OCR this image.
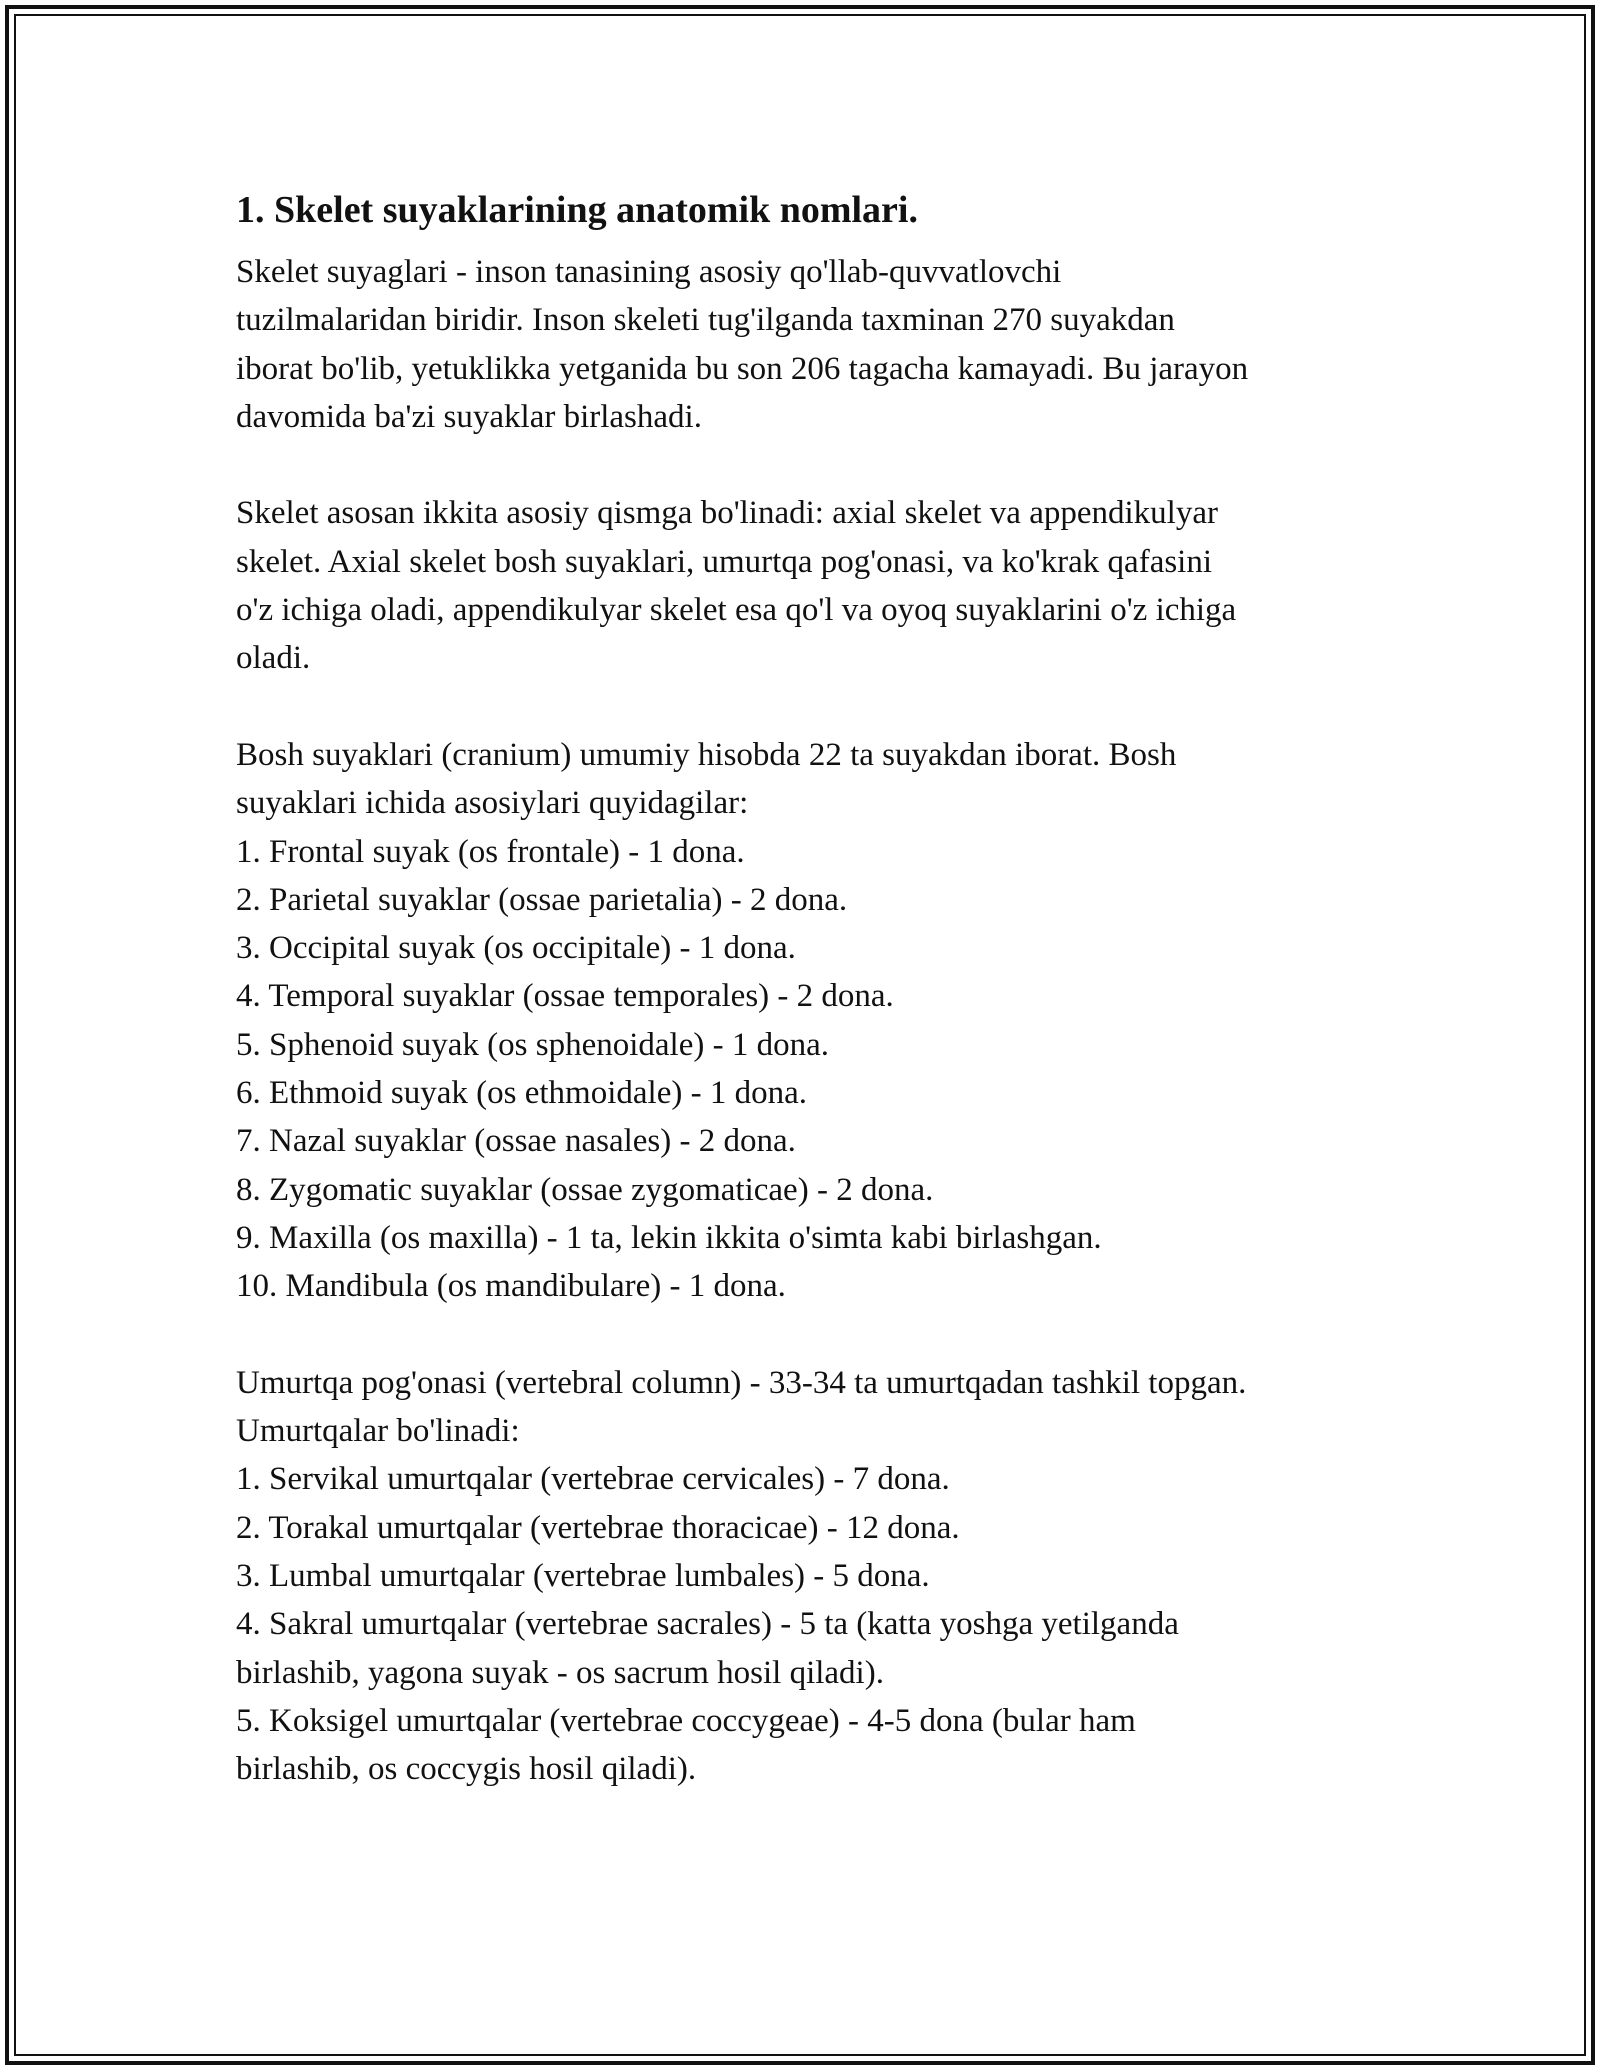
1. Skelet suyaklarining anatomik nomlari.

Skelet suyaglari - inson tanasining asosiy qo'llab-quvvatlovchi

tuzilmalaridan biridir. Inson skeleti tug'ilganda taxminan 270 suyakdan

iborat bo'lib, yetuklikka yetganida bu son 206 tagacha kamayadi. Bu jarayon

davomida ba'zi suyaklar birlashadi.

Skelet asosan ikkita asosiy qismga bo'linadi: axial skelet va appendikulyar

skelet. Axial skelet bosh suyaklari, umurtqa pog'onasi, va ko'krak qafasini

o'z ichiga oladi, appendikulyar skelet esa qo'l va oyoq suyaklarini o'z ichiga

oladi.

Bosh suyaklari (cranium) umumiy hisobda 22 ta suyakdan iborat. Bosh

suyaklari ichida asosiylari quyidagilar:

1. Frontal suyak (os frontale) - 1 dona.

2. Parietal suyaklar (ossae parietalia) - 2 dona.

3. Occipital suyak (os occipitale) - 1 dona.

4. Temporal suyaklar (ossae temporales) - 2 dona.

5. Sphenoid suyak (os sphenoidale) - 1 dona.

6. Ethmoid suyak (os ethmoidale) - 1 dona.

7. Nazal suyaklar (ossae nasales) - 2 dona.

8. Zygomatic suyaklar (ossae zygomaticae) - 2 dona.

9. Maxilla (os maxilla) - 1 ta, lekin ikkita o'simta kabi birlashgan.

10. Mandibula (os mandibulare) - 1 dona.

Umurtqa pog'onasi (vertebral column) - 33-34 ta umurtqadan tashkil topgan.

Umurtqalar bo'linadi:

1. Servikal umurtqalar (vertebrae cervicales) - 7 dona.

2. Torakal umurtqalar (vertebrae thoracicae) - 12 dona.

3. Lumbal umurtqalar (vertebrae lumbales) - 5 dona.

4. Sakral umurtqalar (vertebrae sacrales) - 5 ta (katta yoshga yetilganda

birlashib, yagona suyak - os sacrum hosil qiladi).

5. Koksigel umurtqalar (vertebrae coccygeae) - 4-5 dona (bular ham

birlashib, os coccygis hosil qiladi).
